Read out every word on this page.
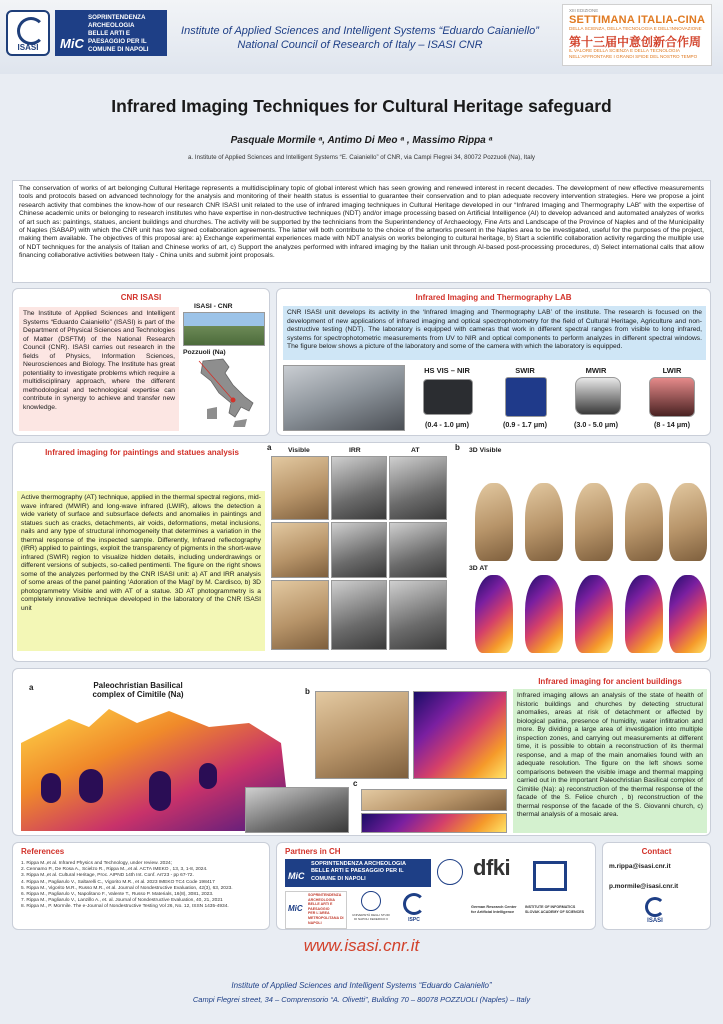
ISASI	MiC
SOPRINTENDENZA ARCHEOLOGIA
BELLE ARTI E PAESAGGIO PER IL
COMUNE DI NAPOLI
Institute of Applied Sciences and Intelligent Systems “Eduardo Caianiello”
National Council of Research of Italy – ISASI CNR
XIII EDIZIONE
SETTIMANA ITALIA-CINA
DELLA SCIENZA, DELLA TECNOLOGIA E DELL'INNOVAZIONE
第十三届中意创新合作周
IL VALORE DELLA SCIENZA E DELLA TECNOLOGIA NELL'AFFRONTARE I GRANDI SFIDE DEL NOSTRO TEMPO
Infrared Imaging Techniques for Cultural Heritage safeguard
Pasquale Mormile ᵃ, Antimo Di Meo ᵃ , Massimo Rippa ᵃ
a. Institute of Applied Sciences and Intelligent Systems “E. Caianiello” of CNR, via Campi Flegrei 34, 80072 Pozzuoli (Na), Italy
The conservation of works of art belonging Cultural Heritage represents a multidisciplinary topic of global interest which has seen growing and renewed interest in recent decades. The development of new effective measurements tools and protocols based on advanced technology for the analysis and monitoring of their health status is essential to guarantee their conservation and to plan adequate recovery intervention strategies. Here we propose a joint research activity that combines the know-how of our research CNR ISASI unit related to the use of infrared imaging techniques in Cultural Heritage developed in our “Infrared Imaging and Thermography LAB” with the expertise of Chinese academic units or belonging to research institutes who have expertise in non-destructive techniques (NDT) and/or image processing based on Artificial Intelligence (AI) to develop advanced and automated analyzes of works of art such as: paintings, statues, ancient buildings and churches. The activity will be supported by the technicians from the Superintendency of Archaeology, Fine Arts and Landscape of the Province of Naples and of the Municipality of Naples (SABAP) with which the CNR unit has two signed collaboration agreements. The latter will both contribute to the choice of the artworks present in the Naples area to be investigated, useful for the purposes of the project, making them available. The objectives of this proposal are: a) Exchange experimental experiences made with NDT analysis on works belonging to cultural heritage, b) Start a scientific collaboration activity regarding the multiple use of NDT techniques for the analysis of Italian and Chinese works of art, c) Support the analyzes performed with infrared imaging by the Italian unit through AI-based post-processing procedures, d) Select international calls that allow financing collaborative activities between Italy - China units and submit joint proposals.
CNR ISASI
The Institute of Applied Sciences and Intelligent Systems “Eduardo Caianiello” (ISASI) is part of the Department of Physical Sciences and Technologies of Matter (DSFTM) of the National Research Council (CNR). ISASI carries out research in the fields of Physics, Information Sciences, Neurosciences and Biology. The Institute has great potentiality to investigate problems which require a multidisciplinary approach, where the different methodological and technological expertise can contribute in synergy to achieve and transfer new knowledge.
ISASI - CNR
Pozzuoli (Na)
Infrared Imaging and Thermography LAB
CNR ISASI unit develops its activity in the ‘Infrared Imaging and Thermography LAB’ of the institute. The research is focused on the development of new applications of infrared imaging and optical spectrophotometry for the field of Cultural Heritage, Agriculture and non-destructive testing (NDT). The laboratory is equipped with cameras that work in different spectral ranges from visible to long infrared, systems for spectrophotometric measurements from UV to NIR and optical components to perform analyzes in different spectral windows. The figure below shows a picture of the laboratory and some of the camera with which the laboratory is equipped.
HS VIS – NIR	SWIR	MWIR	LWIR
(0.4 - 1.0 μm)	(0.9 - 1.7 μm)	(3.0 - 5.0 μm)	(8 - 14 μm)
Infrared imaging for paintings and statues analysis
Active thermography (AT) technique, applied in the thermal spectral regions, mid-wave infrared (MWIR) and long-wave infrared (LWIR), allows the detection a wide variety of surface and subsurface defects and anomalies in paintings and statues such as cracks, detachments, air voids, deformations, metal inclusions, nails and any type of structural inhomogeneity that determines a variation in the thermal response of the inspected sample. Differently, Infrared reflectography (IRR) applied to paintings, exploit the transparency of pigments in the short-wave infrared (SWIR) region to visualize hidden details, including underdrawings or different versions of subjects, so-called pentimenti. The figure on the right shows some of the analyzes performed by the CNR ISASI unit: a) AT and IRR analysis of some areas of the panel painting ‘Adoration of the Magi’ by M. Cardisco, b) 3D photogrammetry Visible and with AT of a statue. 3D AT photogrammetry is a completely innovative technique developed in the laboratory of the CNR ISASI unit
a Visible	IRR	AT	b 3D Visible
3D AT
a	Paleochristian Basilical
complex of Cimitile (Na)	b
c
Infrared imaging for ancient buildings
Infrared imaging allows an analysis of the state of health of historic buildings and churches by detecting structural anomalies, areas at risk of detachment or affected by biological patina, presence of humidity, water infiltration and more. By dividing a large area of investigation into multiple inspection zones, and carrying out measurements at different time, it is possible to obtain a reconstruction of its thermal response, and a map of the main anomalies found with an adequate resolution. The figure on the left shows some comparisons between the visible image and thermal mapping carried out in the important Paleochristian Basilical complex of Cimitile (Na): a) reconstruction of the thermal response of the facade of the S. Felice church , b) reconstruction of the thermal response of the facade of the S. Giovanni church, c) thermal analysis of a mosaic area.
References
1. Rippa M.,et al. Infrared Physics and Technology, under review. 2024;
2. Cennamo P., De Rosa A., Scielzo R., Rippa M.,.et al. ACTA IMEKO , 13, 3, 1-8, 2024.
3. Rippa M.,et al. Cultural Heritage, Proc. AIPND 14th Int. Conf. Art’23 - pp 67-72.
4. Rippa M., Pagliarulo V., Saltarelli C., Vigorito M.R., et al. 2023 IMEKO TC4 Code 198417
5. Rippa M., Vigorito M.R., Russo M.R., et al. Journal of Nondestructive Evaluation, 42(3), 63, 2023.
6. Rippa M., Pagliarulo V., Napolitano F., Valente T., Russo P. Materials, 16(8), 3081, 2023.
7. Rippa M., Pagliarulo V., Lanzillo A., et. al. Journal of Nondestructive Evaluation, 40, 21, 2021
8. Rippa M., P. Mormile. The e-Journal of Nondestructive Testing Vol 26, No. 12, ISSN 1435-4934.
Partners in CH
MiC
SOPRINTENDENZA ARCHEOLOGIA
BELLE ARTI E PAESAGGIO PER IL
COMUNE DI NAPOLI
MiC
SOPRINTENDENZA
ARCHEOLOGIA
BELLE ARTI E
PAESAGGIO
PER L'AREA
METROPOLITANA DI
NAPOLI
UNIVERSITÀ DEGLI STUDI DI NAPOLI FEDERICO II	ISPC
dfki
German Research Center
for Artificial Intelligence
INSTITUTE OF INFORMATICS
SLOVAK ACADEMY OF SCIENCES
Contact
m.rippa@isasi.cnr.it
p.mormile@isasi.cnr.it
ISASI
www.isasi.cnr.it
Institute of Applied Sciences and Intelligent Systems “Eduardo Caianiello”
Campi Flegrei street, 34 – Comprensorio “A. Olivetti”, Building 70 – 80078 POZZUOLI (Naples) – Italy
